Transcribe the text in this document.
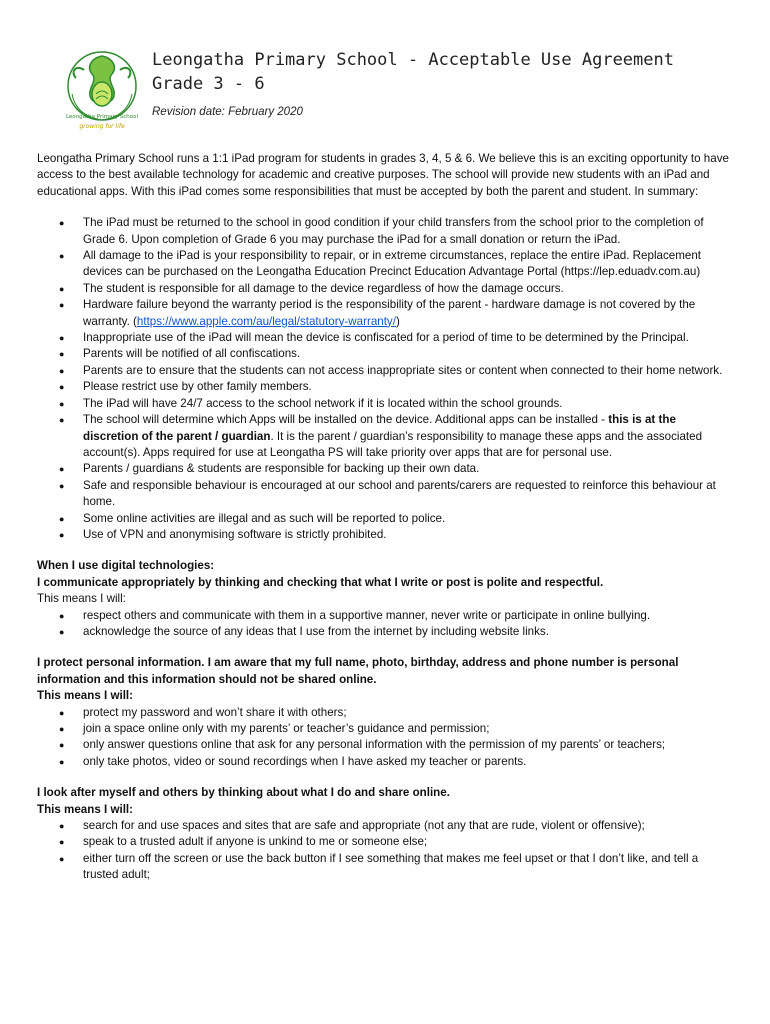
Leongatha Primary School
growing for life
Leongatha Primary School - Acceptable Use Agreement
Grade 3 - 6
Revision date: February 2020

Leongatha Primary School runs a 1:1 iPad program for students in grades 3, 4, 5 & 6. We believe this is an exciting opportunity to have access to the best available technology for academic and creative purposes. The school will provide new students with an iPad and educational apps. With this iPad comes some responsibilities that must be accepted by both the parent and student. In summary:

● The iPad must be returned to the school in good condition if your child transfers from the school prior to the completion of Grade 6. Upon completion of Grade 6 you may purchase the iPad for a small donation or return the iPad.
● All damage to the iPad is your responsibility to repair, or in extreme circumstances, replace the entire iPad. Replacement devices can be purchased on the Leongatha Education Precinct Education Advantage Portal (https://lep.eduadv.com.au)
● The student is responsible for all damage to the device regardless of how the damage occurs.
● Hardware failure beyond the warranty period is the responsibility of the parent - hardware damage is not covered by the warranty. (https://www.apple.com/au/legal/statutory-warranty/)
● Inappropriate use of the iPad will mean the device is confiscated for a period of time to be determined by the Principal.
● Parents will be notified of all confiscations.
● Parents are to ensure that the students can not access inappropriate sites or content when connected to their home network.
● Please restrict use by other family members.
● The iPad will have 24/7 access to the school network if it is located within the school grounds.
● The school will determine which Apps will be installed on the device. Additional apps can be installed - this is at the discretion of the parent / guardian. It is the parent / guardian’s responsibility to manage these apps and the associated account(s). Apps required for use at Leongatha PS will take priority over apps that are for personal use.
● Parents / guardians & students are responsible for backing up their own data.
● Safe and responsible behaviour is encouraged at our school and parents/carers are requested to reinforce this behaviour at home.
● Some online activities are illegal and as such will be reported to police.
● Use of VPN and anonymising software is strictly prohibited.

When I use digital technologies:

I communicate appropriately by thinking and checking that what I write or post is polite and respectful.

This means I will:

● respect others and communicate with them in a supportive manner, never write or participate in online bullying.
● acknowledge the source of any ideas that I use from the internet by including website links.

I protect personal information. I am aware that my full name, photo, birthday, address and phone number is personal information and this information should not be shared online.

This means I will:

● protect my password and won’t share it with others;
● join a space online only with my parents’ or teacher’s guidance and permission;
● only answer questions online that ask for any personal information with the permission of my parents’ or teachers;
● only take photos, video or sound recordings when I have asked my teacher or parents.

I look after myself and others by thinking about what I do and share online.

This means I will:

● search for and use spaces and sites that are safe and appropriate (not any that are rude, violent or offensive);
● speak to a trusted adult if anyone is unkind to me or someone else;
● either turn off the screen or use the back button if I see something that makes me feel upset or that I don’t like, and tell a trusted adult;
